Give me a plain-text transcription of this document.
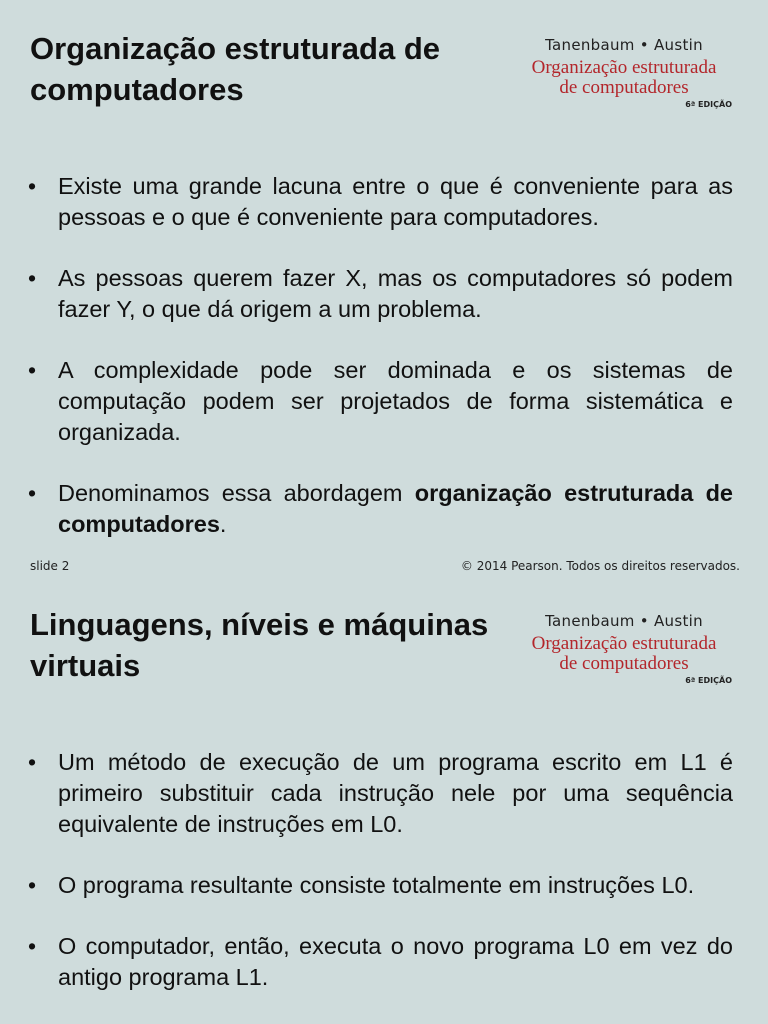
Organização estruturada de computadores
Tanenbaum • Austin
Organização estruturada
de computadores
6ª EDIÇÃO
• Existe uma grande lacuna entre o que é conveniente para as pessoas e o que é conveniente para computadores.
• As pessoas querem fazer X, mas os computadores só podem fazer Y, o que dá origem a um problema.
• A complexidade pode ser dominada e os sistemas de computação podem ser projetados de forma sistemática e organizada.
• Denominamos essa abordagem organização estruturada de computadores.
slide 2	© 2014 Pearson. Todos os direitos reservados.
Linguagens, níveis e máquinas virtuais
Tanenbaum • Austin
Organização estruturada
de computadores
6ª EDIÇÃO
• Um método de execução de um programa escrito em L1 é primeiro substituir cada instrução nele por uma sequência equivalente de instruções em L0.
• O programa resultante consiste totalmente em instruções L0.
• O computador, então, executa o novo programa L0 em vez do antigo programa L1.
